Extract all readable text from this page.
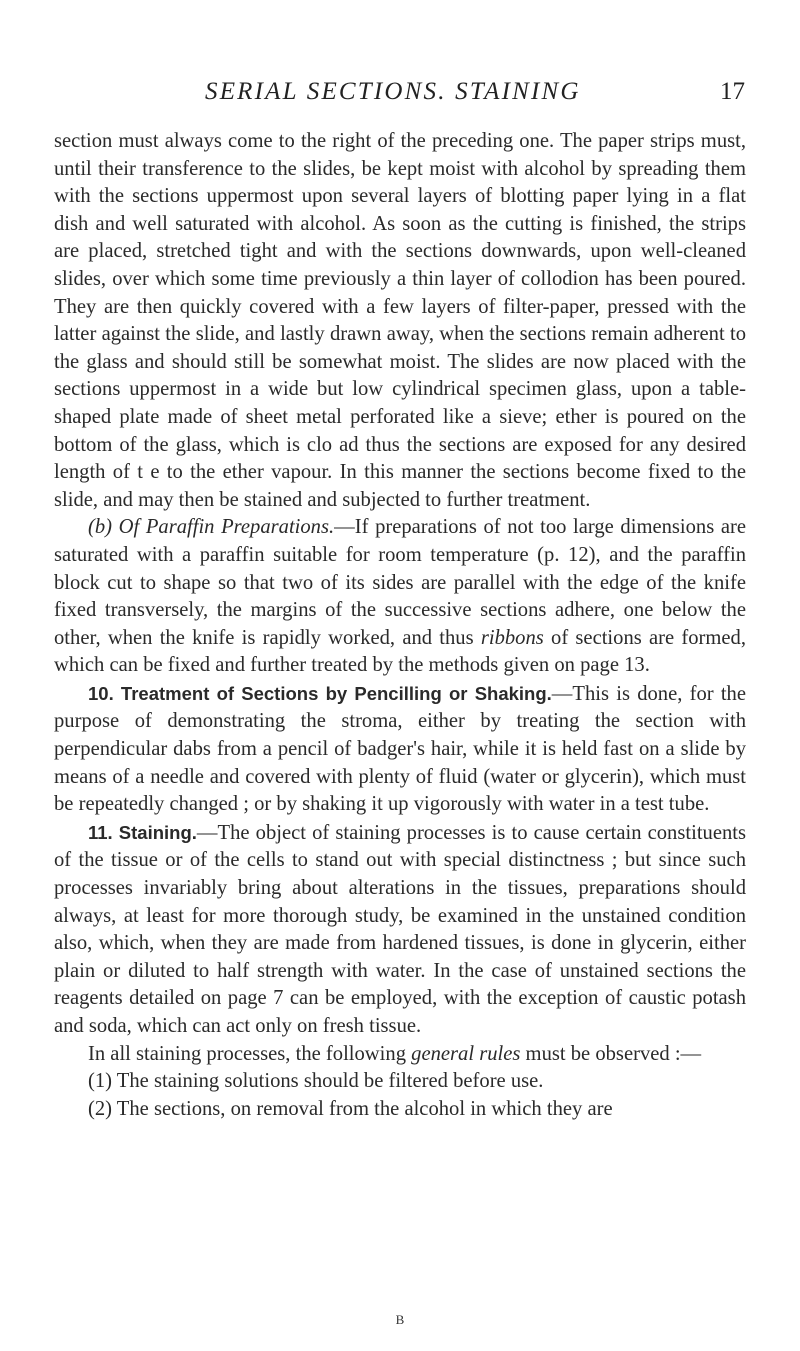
SERIAL SECTIONS. STAINING	17

section must always come to the right of the preceding one. The paper strips must, until their transference to the slides, be kept moist with alcohol by spreading them with the sections uppermost upon several layers of blotting paper lying in a flat dish and well saturated with alcohol. As soon as the cutting is finished, the strips are placed, stretched tight and with the sections downwards, upon well-cleaned slides, over which some time previously a thin layer of collodion has been poured. They are then quickly covered with a few layers of filter-paper, pressed with the latter against the slide, and lastly drawn away, when the sections remain adherent to the glass and should still be somewhat moist. The slides are now placed with the sections uppermost in a wide but low cylindrical specimen glass, upon a table-shaped plate made of sheet metal perforated like a sieve; ether is poured on the bottom of the glass, which is clo ad thus the sections are exposed for any desired length of t e to the ether vapour. In this manner the sections become fixed to the slide, and may then be stained and subjected to further treatment.

(b) Of Paraffin Preparations.—If preparations of not too large dimensions are saturated with a paraffin suitable for room temperature (p. 12), and the paraffin block cut to shape so that two of its sides are parallel with the edge of the knife fixed transversely, the margins of the successive sections adhere, one below the other, when the knife is rapidly worked, and thus ribbons of sections are formed, which can be fixed and further treated by the methods given on page 13.

10. Treatment of Sections by Pencilling or Shaking.—This is done, for the purpose of demonstrating the stroma, either by treating the section with perpendicular dabs from a pencil of badger's hair, while it is held fast on a slide by means of a needle and covered with plenty of fluid (water or glycerin), which must be repeatedly changed ; or by shaking it up vigorously with water in a test tube.

11. Staining.—The object of staining processes is to cause certain constituents of the tissue or of the cells to stand out with special distinctness ; but since such processes invariably bring about alterations in the tissues, preparations should always, at least for more thorough study, be examined in the unstained condition also, which, when they are made from hardened tissues, is done in glycerin, either plain or diluted to half strength with water. In the case of unstained sections the reagents detailed on page 7 can be employed, with the exception of caustic potash and soda, which can act only on fresh tissue.

In all staining processes, the following general rules must be observed :—

(1) The staining solutions should be filtered before use.

(2) The sections, on removal from the alcohol in which they are

B
